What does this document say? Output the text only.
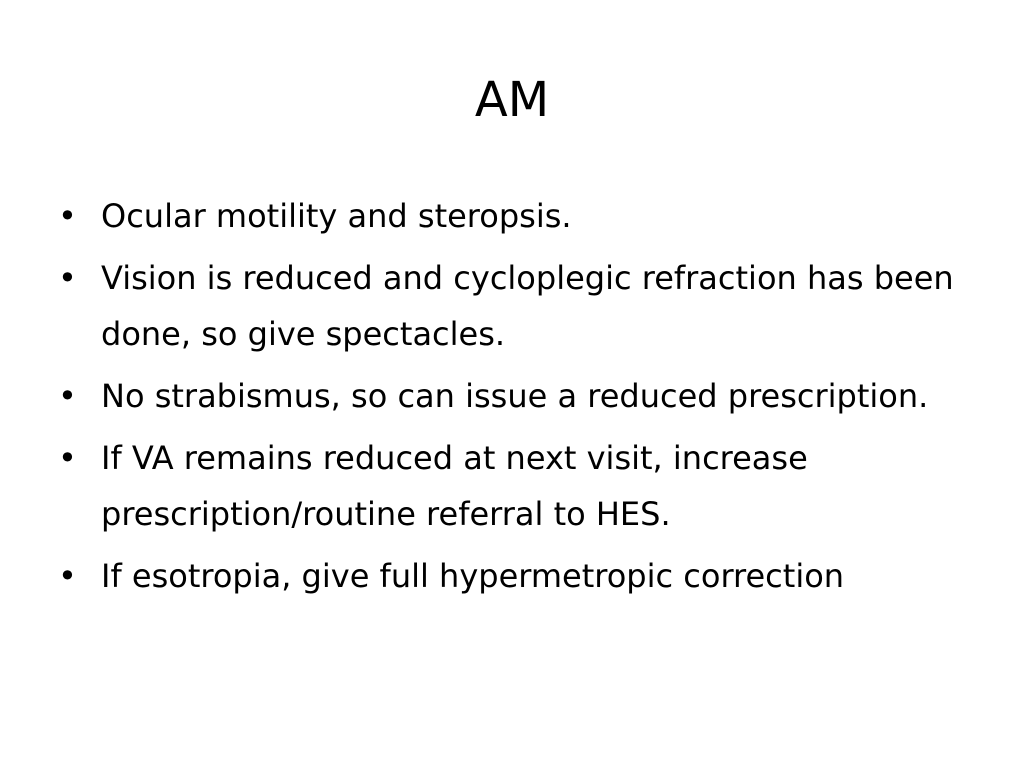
AM
• Ocular motility and steropsis.
• Vision is reduced and cycloplegic refraction has been done, so give spectacles.
• No strabismus, so can issue a reduced prescription.
• If VA remains reduced at next visit, increase prescription/routine referral to HES.
• If esotropia, give full hypermetropic correction
